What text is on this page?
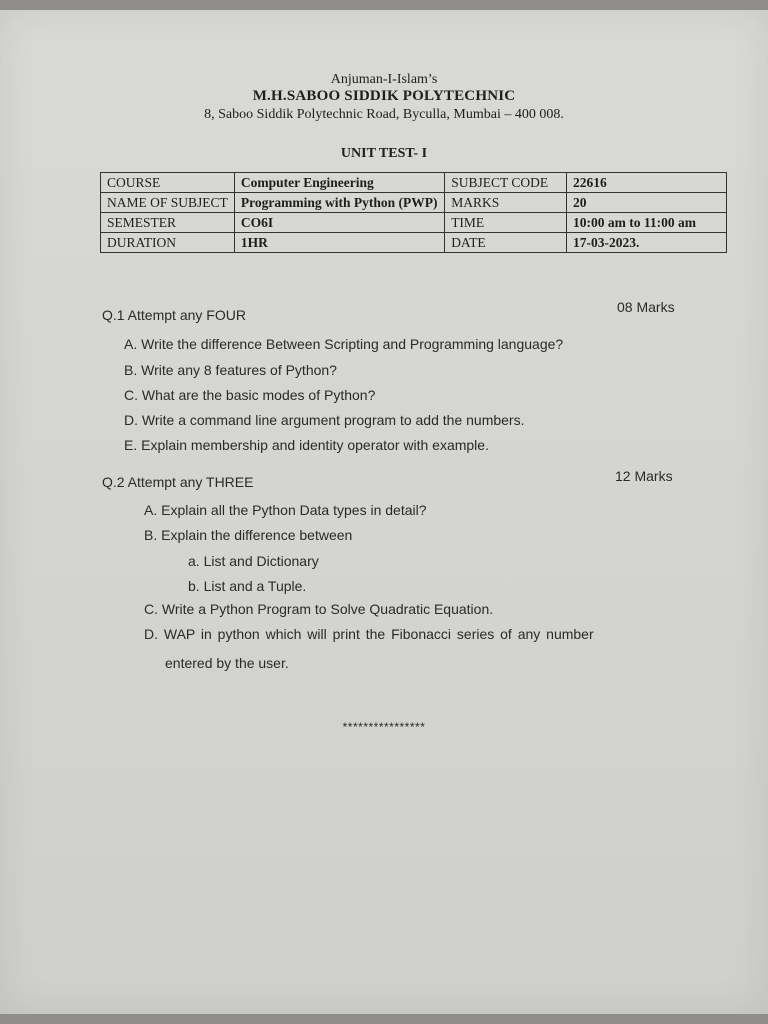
Anjuman-I-Islam’s
M.H.SABOO SIDDIK POLYTECHNIC
8, Saboo Siddik Polytechnic Road, Byculla, Mumbai – 400 008.
UNIT TEST- I
COURSE	Computer Engineering	SUBJECT CODE	22616
NAME OF SUBJECT	Programming with Python (PWP)	MARKS	20
SEMESTER	CO6I	TIME	10:00 am to 11:00 am
DURATION	1HR	DATE	17-03-2023.
Q.1 Attempt any FOUR	08 Marks
A. Write the difference Between Scripting and Programming language?
B. Write any 8 features of Python?
C. What are the basic modes of Python?
D. Write a command line argument program to add the numbers.
E. Explain membership and identity operator with example.
Q.2 Attempt any THREE	12 Marks
A. Explain all the Python Data types in detail?
B. Explain the difference between
a. List and Dictionary
b. List and a Tuple.
C. Write a Python Program to Solve Quadratic Equation.
D. WAP in python which will print the Fibonacci series of any number
entered by the user.
****************
